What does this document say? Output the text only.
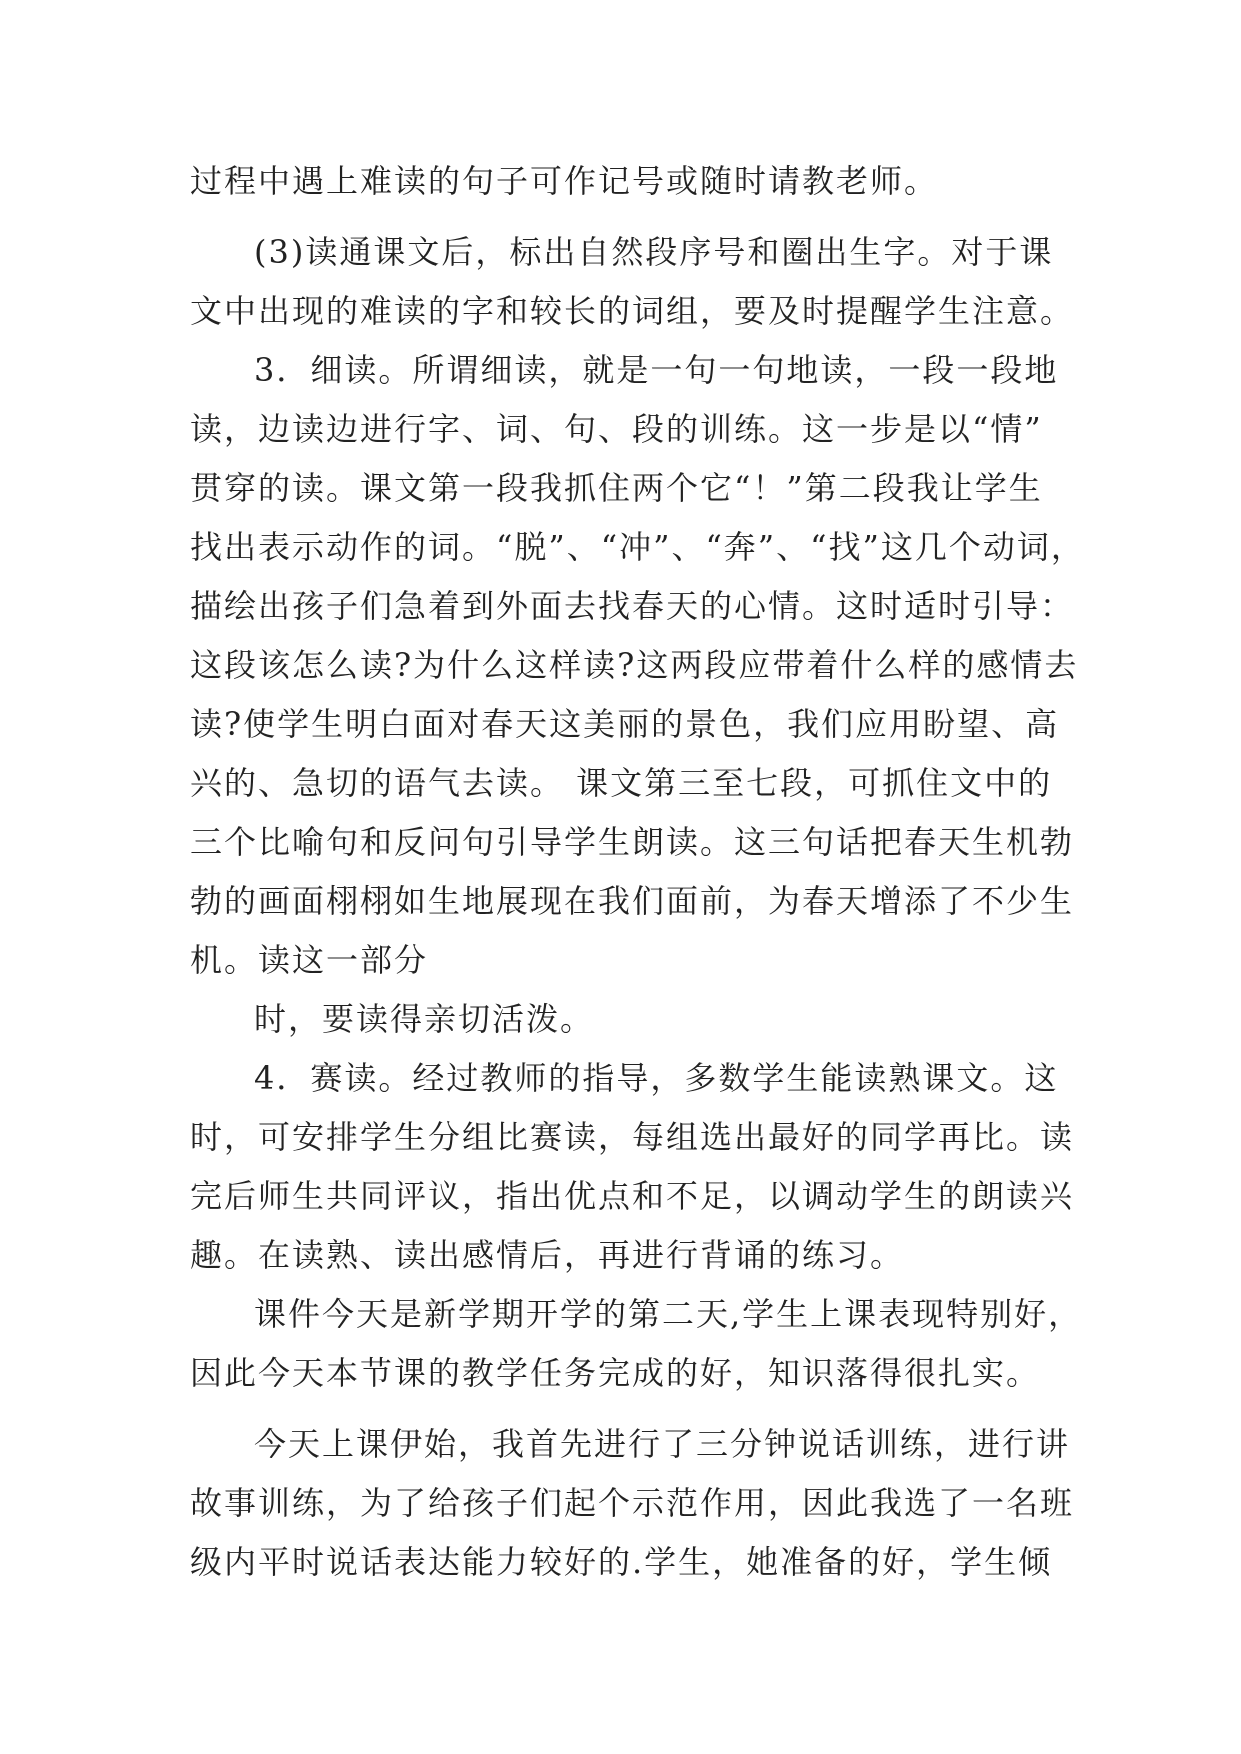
过程中遇上难读的句子可作记号或随时请教老师。
(3)读通课文后，标出自然段序号和圈出生字。对于课
文中出现的难读的字和较长的词组，要及时提醒学生注意。
3．细读。所谓细读，就是一句一句地读，一段一段地
读，边读边进行字、词、句、段的训练。这一步是以“情”
贯穿的读。课文第一段我抓住两个它“！”第二段我让学生
找出表示动作的词。“脱”、“冲”、“奔”、“找”这几个动词，
描绘出孩子们急着到外面去找春天的心情。这时适时引导：
这段该怎么读?为什么这样读?这两段应带着什么样的感情去
读?使学生明白面对春天这美丽的景色，我们应用盼望、高
兴的、急切的语气去读。 课文第三至七段，可抓住文中的
三个比喻句和反问句引导学生朗读。这三句话把春天生机勃
勃的画面栩栩如生地展现在我们面前，为春天增添了不少生
机。读这一部分
时，要读得亲切活泼。
4．赛读。经过教师的指导，多数学生能读熟课文。这
时，可安排学生分组比赛读，每组选出最好的同学再比。读
完后师生共同评议，指出优点和不足，以调动学生的朗读兴
趣。在读熟、读出感情后，再进行背诵的练习。
课件今天是新学期开学的第二天,学生上课表现特别好，
因此今天本节课的教学任务完成的好，知识落得很扎实。
今天上课伊始，我首先进行了三分钟说话训练，进行讲
故事训练，为了给孩子们起个示范作用，因此我选了一名班
级内平时说话表达能力较好的.学生，她准备的好，学生倾
